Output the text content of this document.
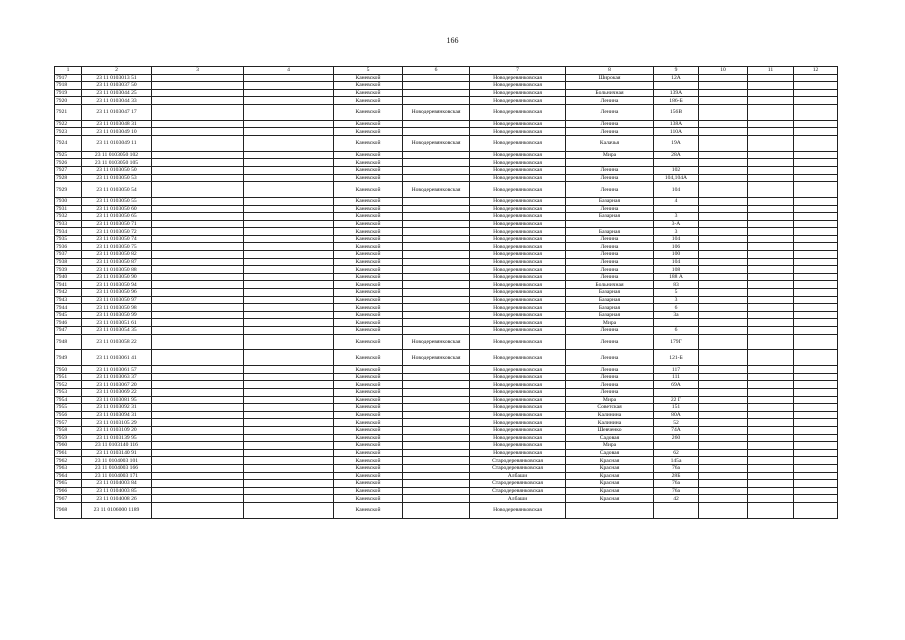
166
1	2	3	4	5	6	7	8	9	10	11	12
7917	23 11 0103013 51			Каневской		Новодеревянковская	Широкая	12А			
7918	23 11 0103037 50			Каневской		Новодеревянковская					
7919	23 11 0103044 25			Каневской		Новодеревянковская	Больничная	139А			
7920	23 11 0103044 33			Каневской		Новодеревянковская	Ленина	186-Б			
7921	23 11 0103047 17			Каневской	Новодеревянковская	Новодеревянковская	Ленина	156В			
7922	23 11 0103048 31			Каневской		Новодеревянковская	Ленина	138А			
7923	23 11 0103049 10			Каневской		Новодеревянковская	Ленина	110А			
7924	23 11 0103049 11			Каневской	Новодеревянковская	Новодеревянковская	Калачья	19А			
7925	23 11 0103050 102			Каневской		Новодеревянковская	Мира	28А			
7926	23 11 0103050 105			Каневской		Новодеревянковская					
7927	23 11 0103050 50			Каневской		Новодеревянковская	Ленина	102			
7928	23 11 0103050 53			Каневской		Новодеревянковская	Ленина	104,104А			
7929	23 11 0103050 54			Каневской	Новодеревянковская	Новодеревянковская	Ленина	104			
7930	23 11 0103050 55			Каневской		Новодеревянковская	Базарная	4			
7931	23 11 0103050 60			Каневской		Новодеревянковская	Ленина				
7932	23 11 0103050 65			Каневской		Новодеревянковская	Базарная	3			
7933	23 11 0103050 71			Каневской		Новодеревянковская		3-А			
7934	23 11 0103050 72			Каневской		Новодеревянковская	Базарная	3			
7935	23 11 0103050 74			Каневской		Новодеревянковская	Ленина	104			
7936	23 11 0103050 75			Каневской		Новодеревянковская	Ленина	106			
7937	23 11 0103050 82			Каневской		Новодеревянковская	Ленина	100			
7938	23 11 0103050 87			Каневской		Новодеревянковская	Ленина	104			
7939	23 11 0103050 88			Каневской		Новодеревянковская	Ленина	108			
7940	23 11 0103050 90			Каневской		Новодеревянковская	Ленина	188 А			
7941	23 11 0103050 94			Каневской		Новодеревянковская	Больничная	83			
7942	23 11 0103050 96			Каневской		Новодеревянковская	Базарная	5			
7943	23 11 0103050 97			Каневской		Новодеревянковская	Базарная	3			
7944	23 11 0103050 98			Каневской		Новодеревянковская	Базарная	6			
7945	23 11 0103050 99			Каневской		Новодеревянковская	Базарная	3а			
7946	23 11 0103051 61			Каневской		Новодеревянковская	Мира				
7947	23 11 0103054 35			Каневской		Новодеревянковская	Ленина	6			
7948	23 11 0103058 22			Каневской	Новодеревянковская	Новодеревянковская	Ленина	179Г			
7949	23 11 0103061 41			Каневской	Новодеревянковская	Новодеревянковская	Ленина	121-Б			
7950	23 11 0103061 57			Каневской		Новодеревянковская	Ленина	117			
7951	23 11 0103063 37			Каневской		Новодеревянковская	Ленина	111			
7952	23 11 0103067 20			Каневской		Новодеревянковская	Ленина	69А			
7953	23 11 0103069 22			Каневской		Новодеревянковская	Ленина				
7954	23 11 0103081 95			Каневской		Новодеревянковская	Мира	22 Г			
7955	23 11 0103092 31			Каневской		Новодеревянковская	Советская	151			
7956	23 11 0103094 31			Каневской		Новодеревянковская	Калинина	80А			
7957	23 11 0103105 29			Каневской		Новодеревянковская	Калинина	52			
7958	23 11 0103109 20			Каневской		Новодеревянковская	Шевченко	74А			
7959	23 11 0103139 95			Каневской		Новодеревянковская	Садовая	260			
7960	23 11 0103140 116			Каневской		Новодеревянковская	Мира				
7961	23 11 0103140 91			Каневской		Новодеревянковская	Садовая	62			
7962	23 11 0104003 101			Каневской		Стародеревянковская	Красная	145а			
7963	23 11 0104003 166			Каневской		Стародеревянковская	Красная	76а			
7964	23 11 0104003 171			Каневской		Албаши	Красная	28Б			
7965	23 11 0104003 84			Каневской		Стародеревянковская	Красная	76а			
7966	23 11 0104003 85			Каневской		Стародеревянковская	Красная	76а			
7967	23 11 0104008 26			Каневской		Албаши	Красная	42			
7968	23 11 0106000 1189			Каневской		Новодеревянковская					
